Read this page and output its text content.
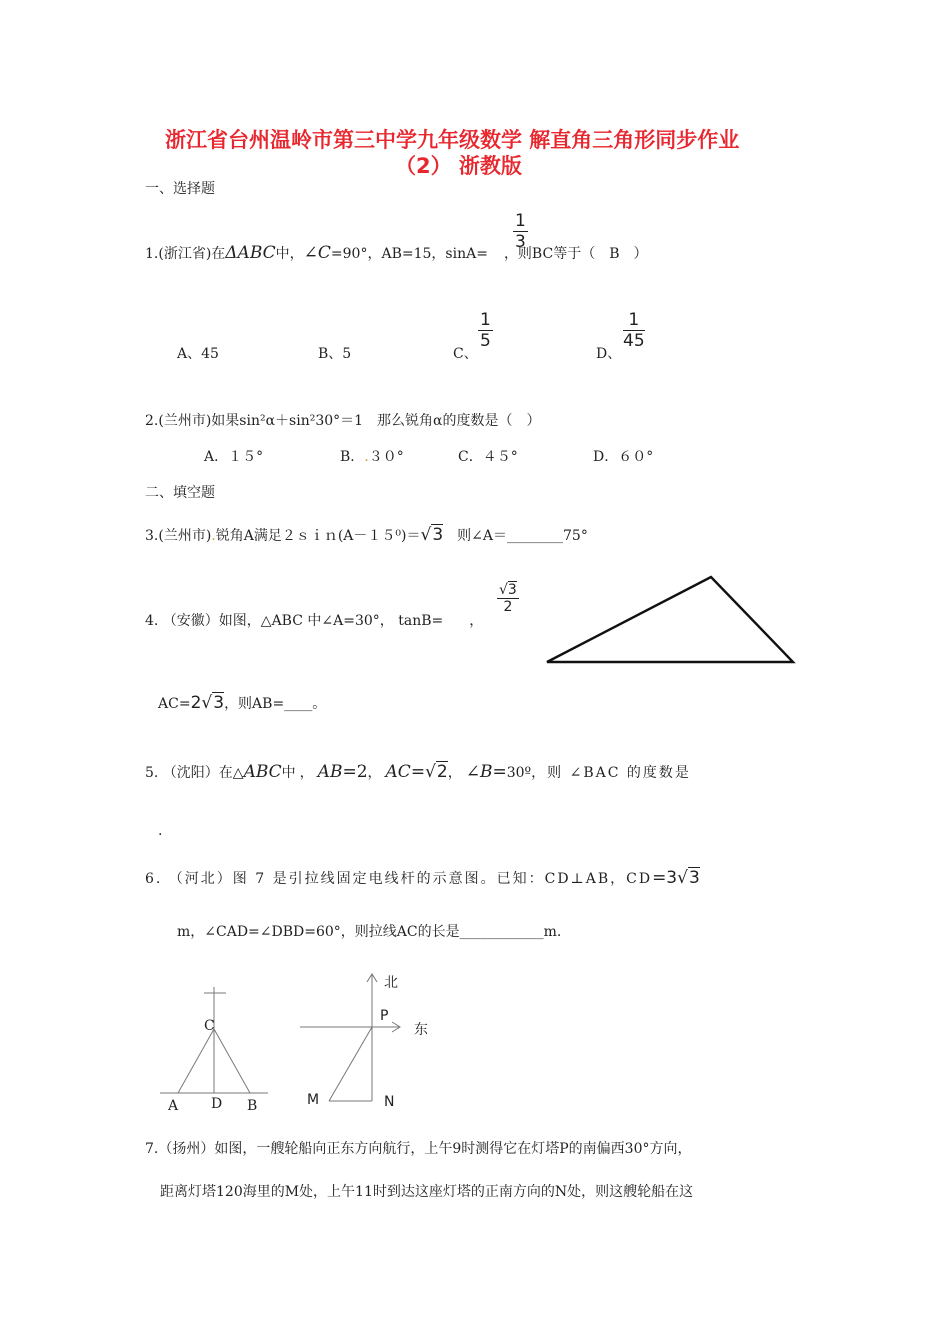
浙江省台州温岭市第三中学九年级数学 解直角三角形同步作业
（2） 浙教版
一、选择题
1.(浙江省)在ΔABC中，∠C=90°，AB=15，sinA= ，则BC等于（　B　）
$\frac{1}{3}$
A、45	B、5	C、
$\frac{1}{5}$
D、
$\frac{1}{45}$
2.(兰州市)如果sin²α＋sin²30°＝1　那么锐角α的度数是（　）
A．１５°	B．.３０°	C．４５°	D．６０°
二、填空题
3.(兰州市).锐角A满足２ｓｉｎ(A－１５⁰)＝√3　则∠A＝________75°
4. （安徽）如图，△ABC 中∠A=30°， tanB= ，
$\frac{√3}{2}$
AC=2√3，则AB=____。
5. （沈阳）在△ABC中，AB=2，AC=√2，∠B=30º，则 ∠BAC 的度数是
.
6. （河北）图 7 是引拉线固定电线杆的示意图。已知：CD⊥AB，CD=3√3
m，∠CAD=∠DBD=60°，则拉线AC的长是____________m.
C
A D B
北
P
东
M	N
7.（扬州）如图，一艘轮船向正东方向航行，上午9时测得它在灯塔P的南偏西30°方向，
距离灯塔120海里的M处，上午11时到达这座灯塔的正南方向的N处，则这艘轮船在这
